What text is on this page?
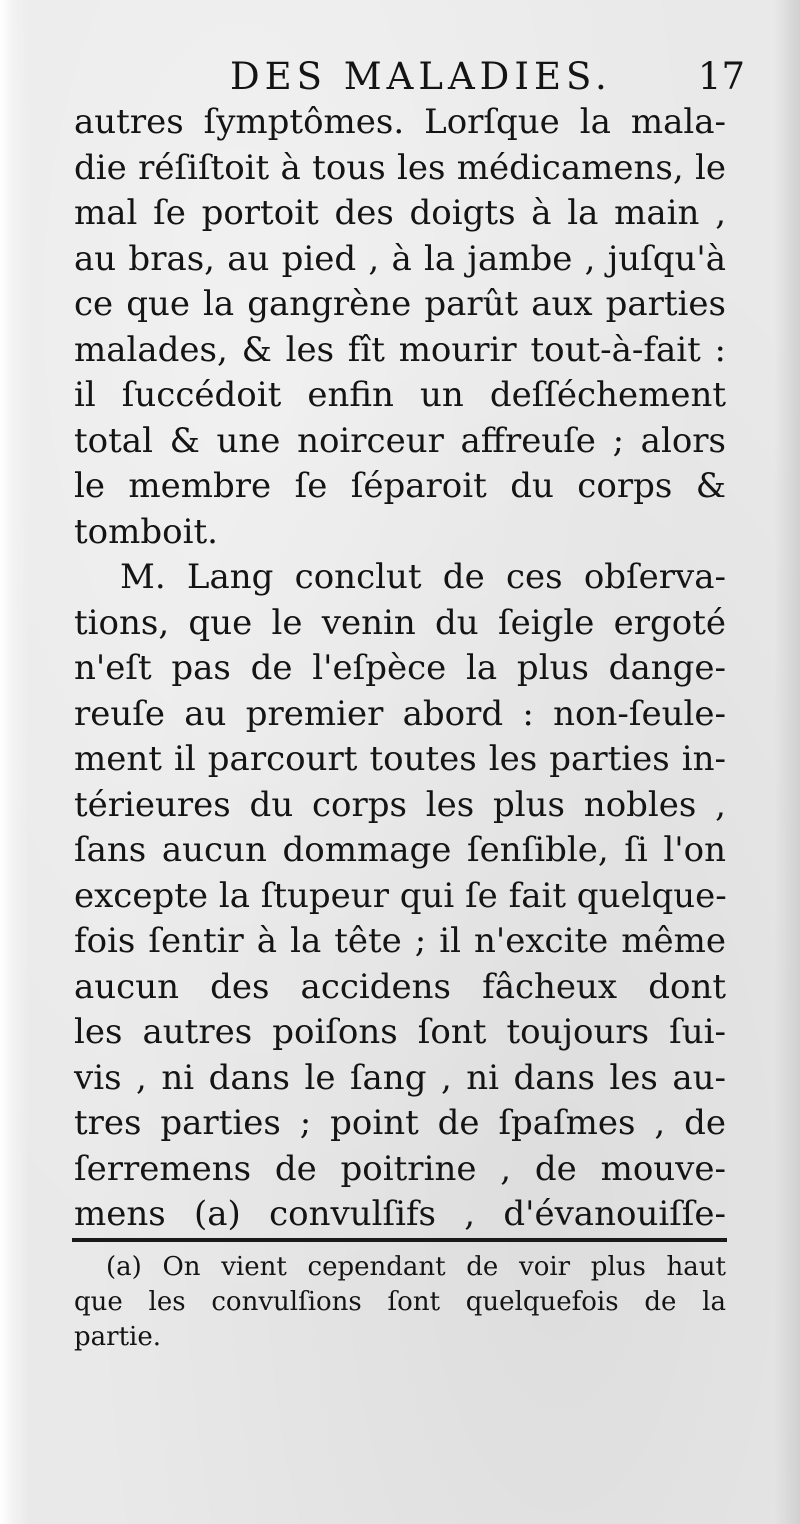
DES MALADIES.	17
autres ſymptômes. Lorſque la mala-
die réſiſtoit à tous les médicamens, le
mal ſe portoit des doigts à la main ,
au bras, au pied , à la jambe , juſqu'à
ce que la gangrène parût aux parties
malades, & les fît mourir tout-à-fait :
il ſuccédoit enfin un deſſéchement
total & une noirceur affreuſe ; alors
le membre ſe ſéparoit du corps &
tomboit.
M. Lang conclut de ces obſerva-
tions, que le venin du ſeigle ergoté
n'eſt pas de l'eſpèce la plus dange-
reuſe au premier abord : non-ſeule-
ment il parcourt toutes les parties in-
térieures du corps les plus nobles ,
ſans aucun dommage ſenſible, ſi l'on
excepte la ſtupeur qui ſe fait quelque-
fois ſentir à la tête ; il n'excite même
aucun des accidens fâcheux dont
les autres poiſons ſont toujours ſui-
vis , ni dans le ſang , ni dans les au-
tres parties ; point de ſpaſmes , de
ſerremens de poitrine , de mouve-
mens (a) convulſifs , d'évanouiſſe-
(a) On vient cependant de voir plus haut
que les convulſions ſont quelquefois de la
partie.
